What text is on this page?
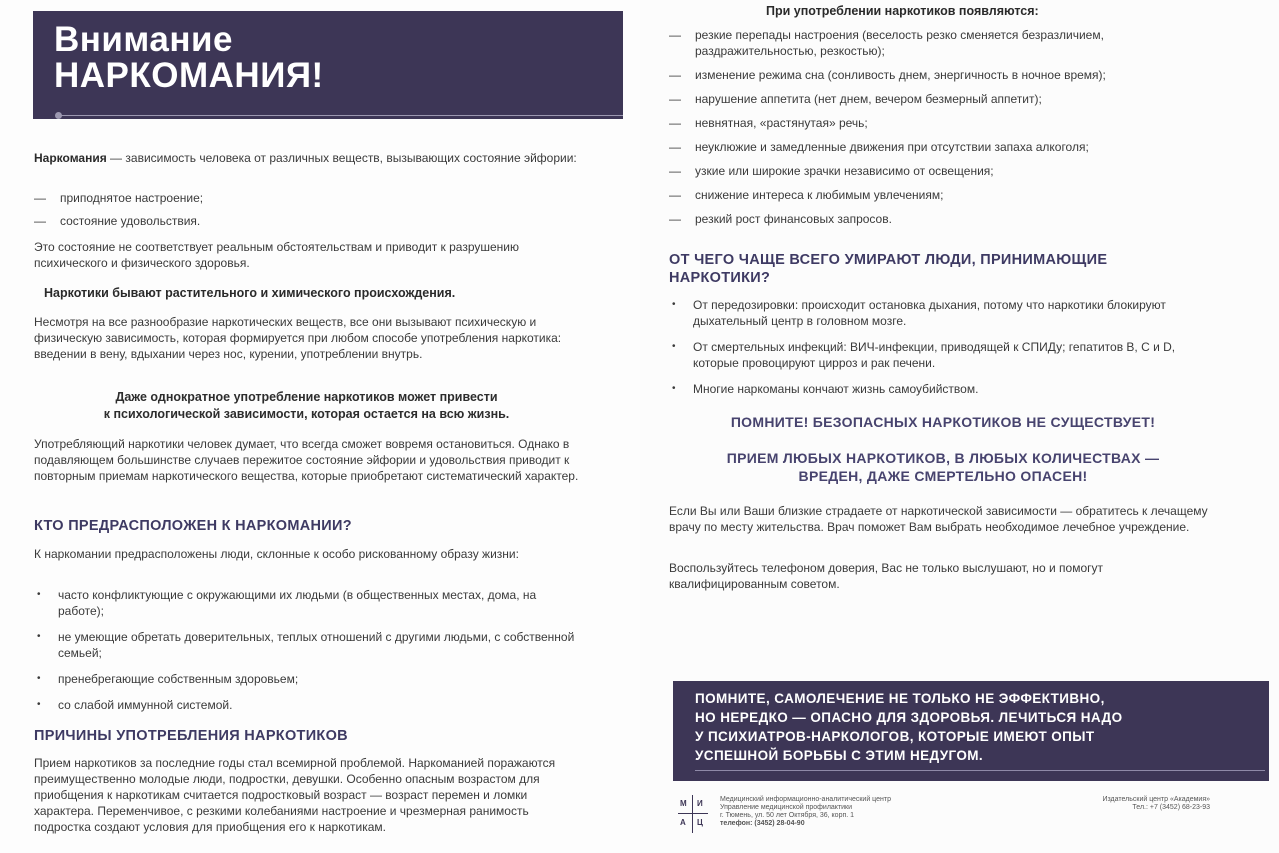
Внимание
НАРКОМАНИЯ!
Наркомания — зависимость человека от различных веществ, вызывающих состояние эйфории:
— приподнятое настроение;
— состояние удовольствия.
Это состояние не соответствует реальным обстоятельствам и приводит к разрушению психического и физического здоровья.
Наркотики бывают растительного и химического происхождения.
Несмотря на все разнообразие наркотических веществ, все они вызывают психическую и физическую зависимость, которая формируется при любом способе употребления наркотика: введении в вену, вдыхании через нос, курении, употреблении внутрь.
Даже однократное употребление наркотиков может привести
к психологической зависимости, которая остается на всю жизнь.
Употребляющий наркотики человек думает, что всегда сможет вовремя остановиться. Однако в подавляющем большинстве случаев пережитое состояние эйфории и удовольствия приводит к повторным приемам наркотического вещества, которые приобретают систематический характер.
КТО ПРЕДРАСПОЛОЖЕН К НАРКОМАНИИ?
К наркомании предрасположены люди, склонные к особо рискованному образу жизни:
• часто конфликтующие с окружающими их людьми (в общественных местах, дома, на работе);
• не умеющие обретать доверительных, теплых отношений с другими людьми, с собственной семьей;
• пренебрегающие собственным здоровьем;
• со слабой иммунной системой.
ПРИЧИНЫ УПОТРЕБЛЕНИЯ НАРКОТИКОВ
Прием наркотиков за последние годы стал всемирной проблемой. Наркоманией поражаются преимущественно молодые люди, подростки, девушки. Особенно опасным возрастом для приобщения к наркотикам считается подростковый возраст — возраст перемен и ломки характера. Переменчивое, с резкими колебаниями настроение и чрезмерная ранимость подростка создают условия для приобщения его к наркотикам.
При употреблении наркотиков появляются:
— резкие перепады настроения (веселость резко сменяется безразличием, раздражительностью, резкостью);
— изменение режима сна (сонливость днем, энергичность в ночное время);
— нарушение аппетита (нет днем, вечером безмерный аппетит);
— невнятная, «растянутая» речь;
— неуклюжие и замедленные движения при отсутствии запаха алкоголя;
— узкие или широкие зрачки независимо от освещения;
— снижение интереса к любимым увлечениям;
— резкий рост финансовых запросов.
ОТ ЧЕГО ЧАЩЕ ВСЕГО УМИРАЮТ ЛЮДИ, ПРИНИМАЮЩИЕ
НАРКОТИКИ?
• От передозировки: происходит остановка дыхания, потому что наркотики блокируют дыхательный центр в головном мозге.
• От смертельных инфекций: ВИЧ-инфекции, приводящей к СПИДу; гепатитов В, С и D, которые провоцируют цирроз и рак печени.
• Многие наркоманы кончают жизнь самоубийством.
ПОМНИТЕ! БЕЗОПАСНЫХ НАРКОТИКОВ НЕ СУЩЕСТВУЕТ!
ПРИЕМ ЛЮБЫХ НАРКОТИКОВ, В ЛЮБЫХ КОЛИЧЕСТВАХ —
ВРЕДЕН, ДАЖЕ СМЕРТЕЛЬНО ОПАСЕН!
Если Вы или Ваши близкие страдаете от наркотической зависимости — обратитесь к лечащему врачу по месту жительства. Врач поможет Вам выбрать необходимое лечебное учреждение.
Воспользуйтесь телефоном доверия, Вас не только выслушают, но и помогут квалифицированным советом.
ПОМНИТЕ, САМОЛЕЧЕНИЕ НЕ ТОЛЬКО НЕ ЭФФЕКТИВНО,
НО НЕРЕДКО — ОПАСНО ДЛЯ ЗДОРОВЬЯ. ЛЕЧИТЬСЯ НАДО
У ПСИХИАТРОВ-НАРКОЛОГОВ, КОТОРЫЕ ИМЕЮТ ОПЫТ
УСПЕШНОЙ БОРЬБЫ С ЭТИМ НЕДУГОМ.
М И
А Ц
Медицинский информационно-аналитический центр
Управление медицинской профилактики
г. Тюмень, ул. 50 лет Октября, 36, корп. 1
телефон: (3452) 28-04-90
Издательский центр «Академия»
Тел.: +7 (3452) 68-23-93
